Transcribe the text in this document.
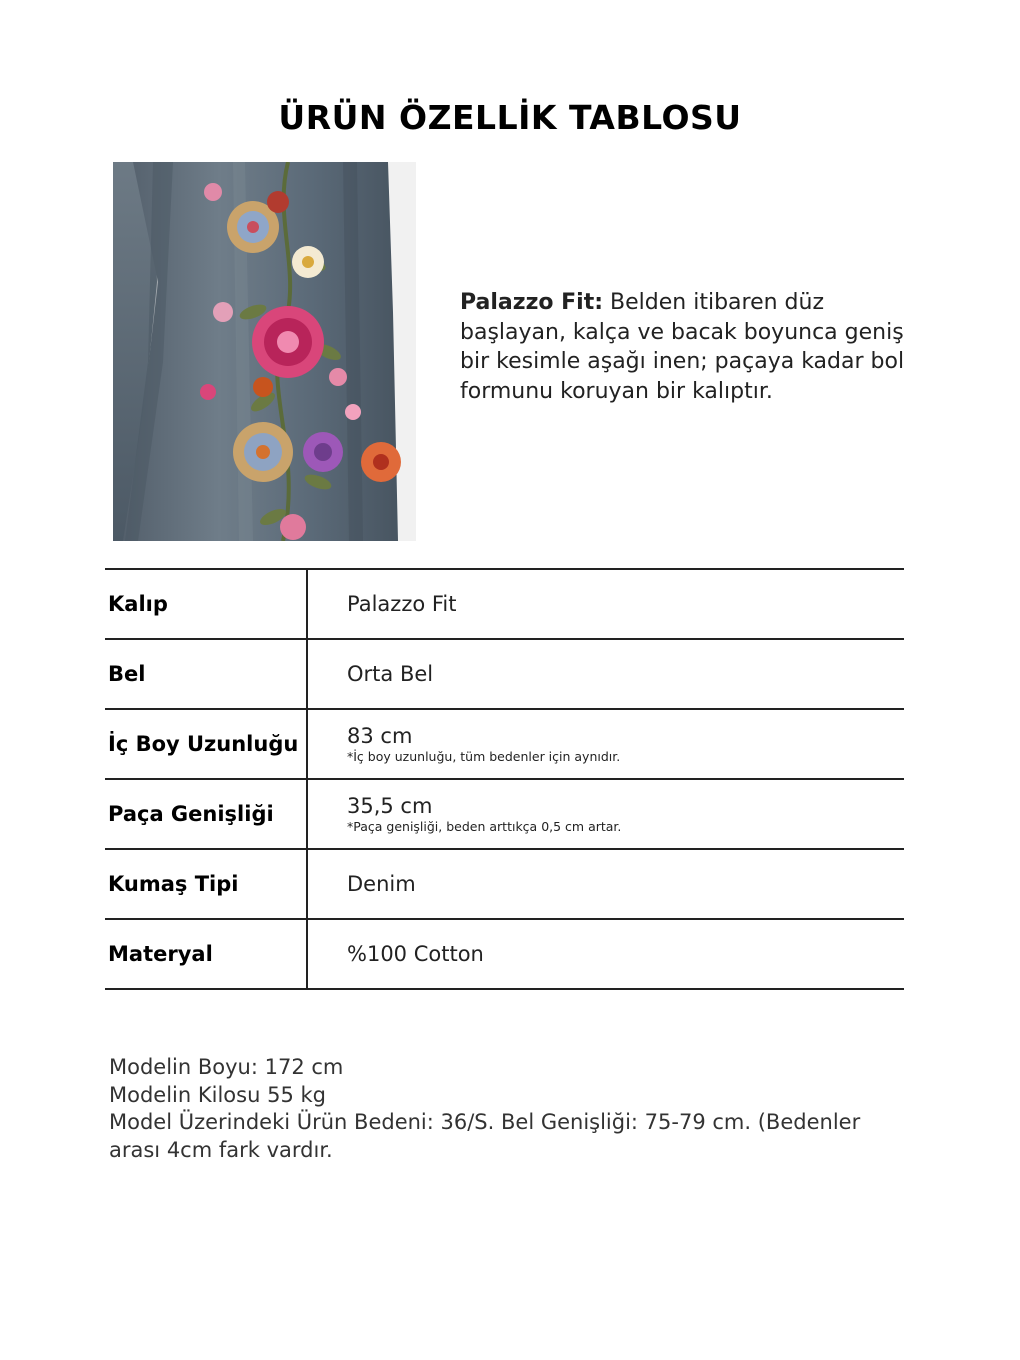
ÜRÜN ÖZELLİK TABLOSU
Palazzo Fit: Belden itibaren düz başlayan, kalça ve bacak boyunca geniş bir kesimle aşağı inen; paçaya kadar bol formunu koruyan bir kalıptır.
Kalıp	Palazzo Fit
Bel	Orta Bel
İç Boy Uzunluğu	83 cm
*İç boy uzunluğu, tüm bedenler için aynıdır.
Paça Genişliği	35,5 cm
*Paça genişliği, beden arttıkça 0,5 cm artar.
Kumaş Tipi	Denim
Materyal	%100 Cotton
Modelin Boyu: 172 cm
Modelin Kilosu 55 kg
Model Üzerindeki Ürün Bedeni: 36/S. Bel Genişliği: 75-79 cm. (Bedenler arası 4cm fark vardır.
